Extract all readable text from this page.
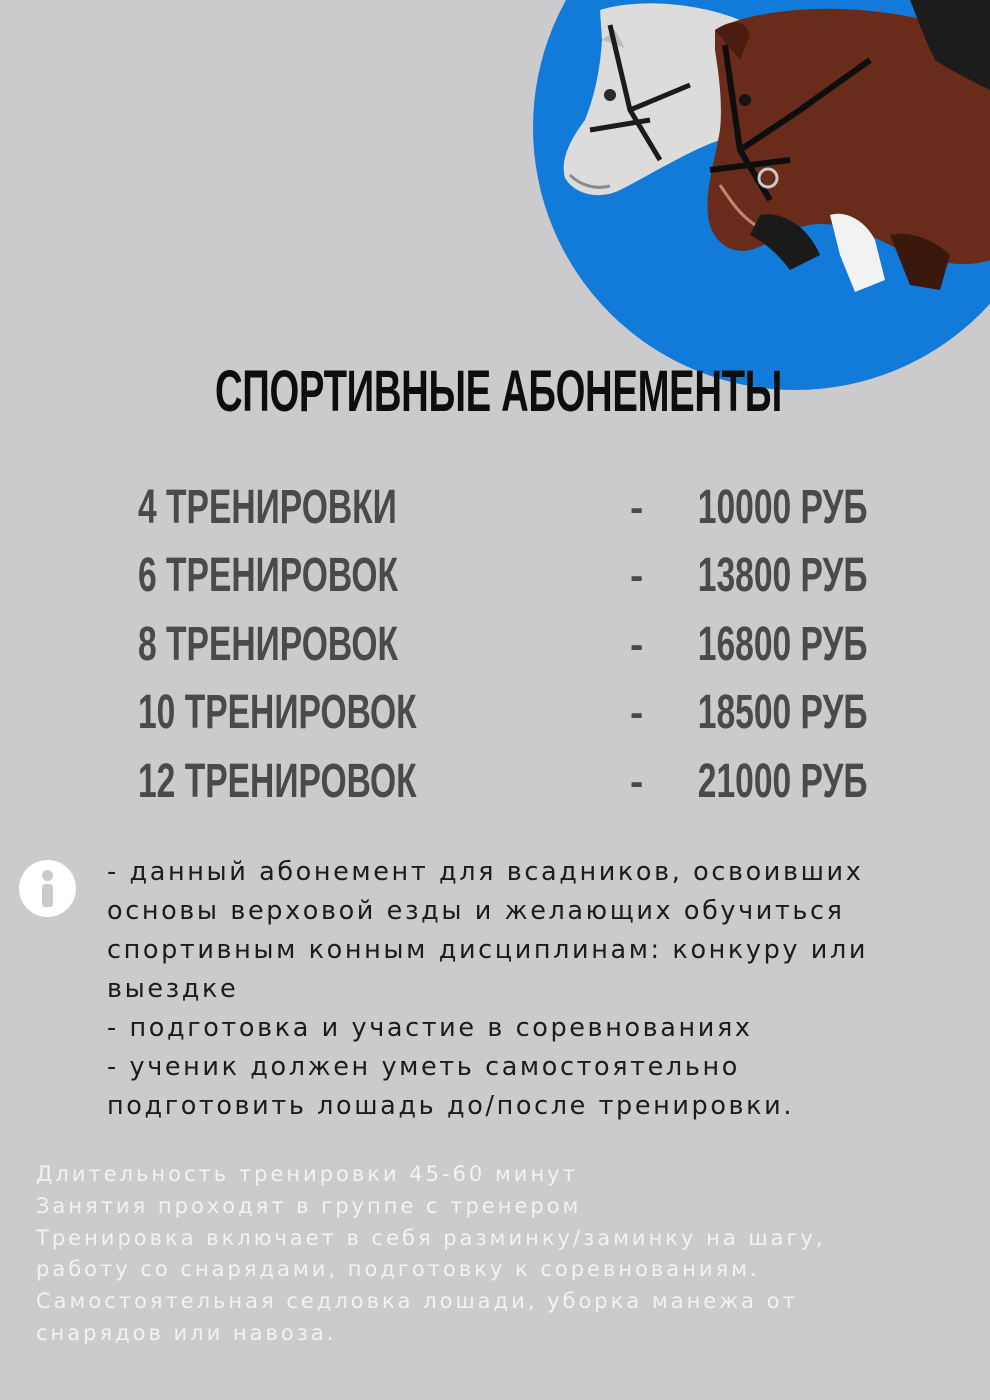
СПОРТИВНЫЕ АБОНЕМЕНТЫ
4 ТРЕНИРОВКИ	- 10000 РУБ
6 ТРЕНИРОВОК	- 13800 РУБ
8 ТРЕНИРОВОК	- 16800 РУБ
10 ТРЕНИРОВОК	- 18500 РУБ
12 ТРЕНИРОВОК	- 21000 РУБ
- данный абонемент для всадников, освоивших
основы верховой езды и желающих обучиться
спортивным конным дисциплинам: конкуру или
выездке
- подготовка и участие в соревнованиях
- ученик должен уметь самостоятельно
подготовить лошадь до/после тренировки.
Длительность тренировки 45-60 минут
Занятия проходят в группе с тренером
Тренировка включает в себя разминку/заминку на шагу,
работу со снарядами, подготовку к соревнованиям.
Самостоятельная седловка лошади, уборка манежа от
снарядов или навоза.
